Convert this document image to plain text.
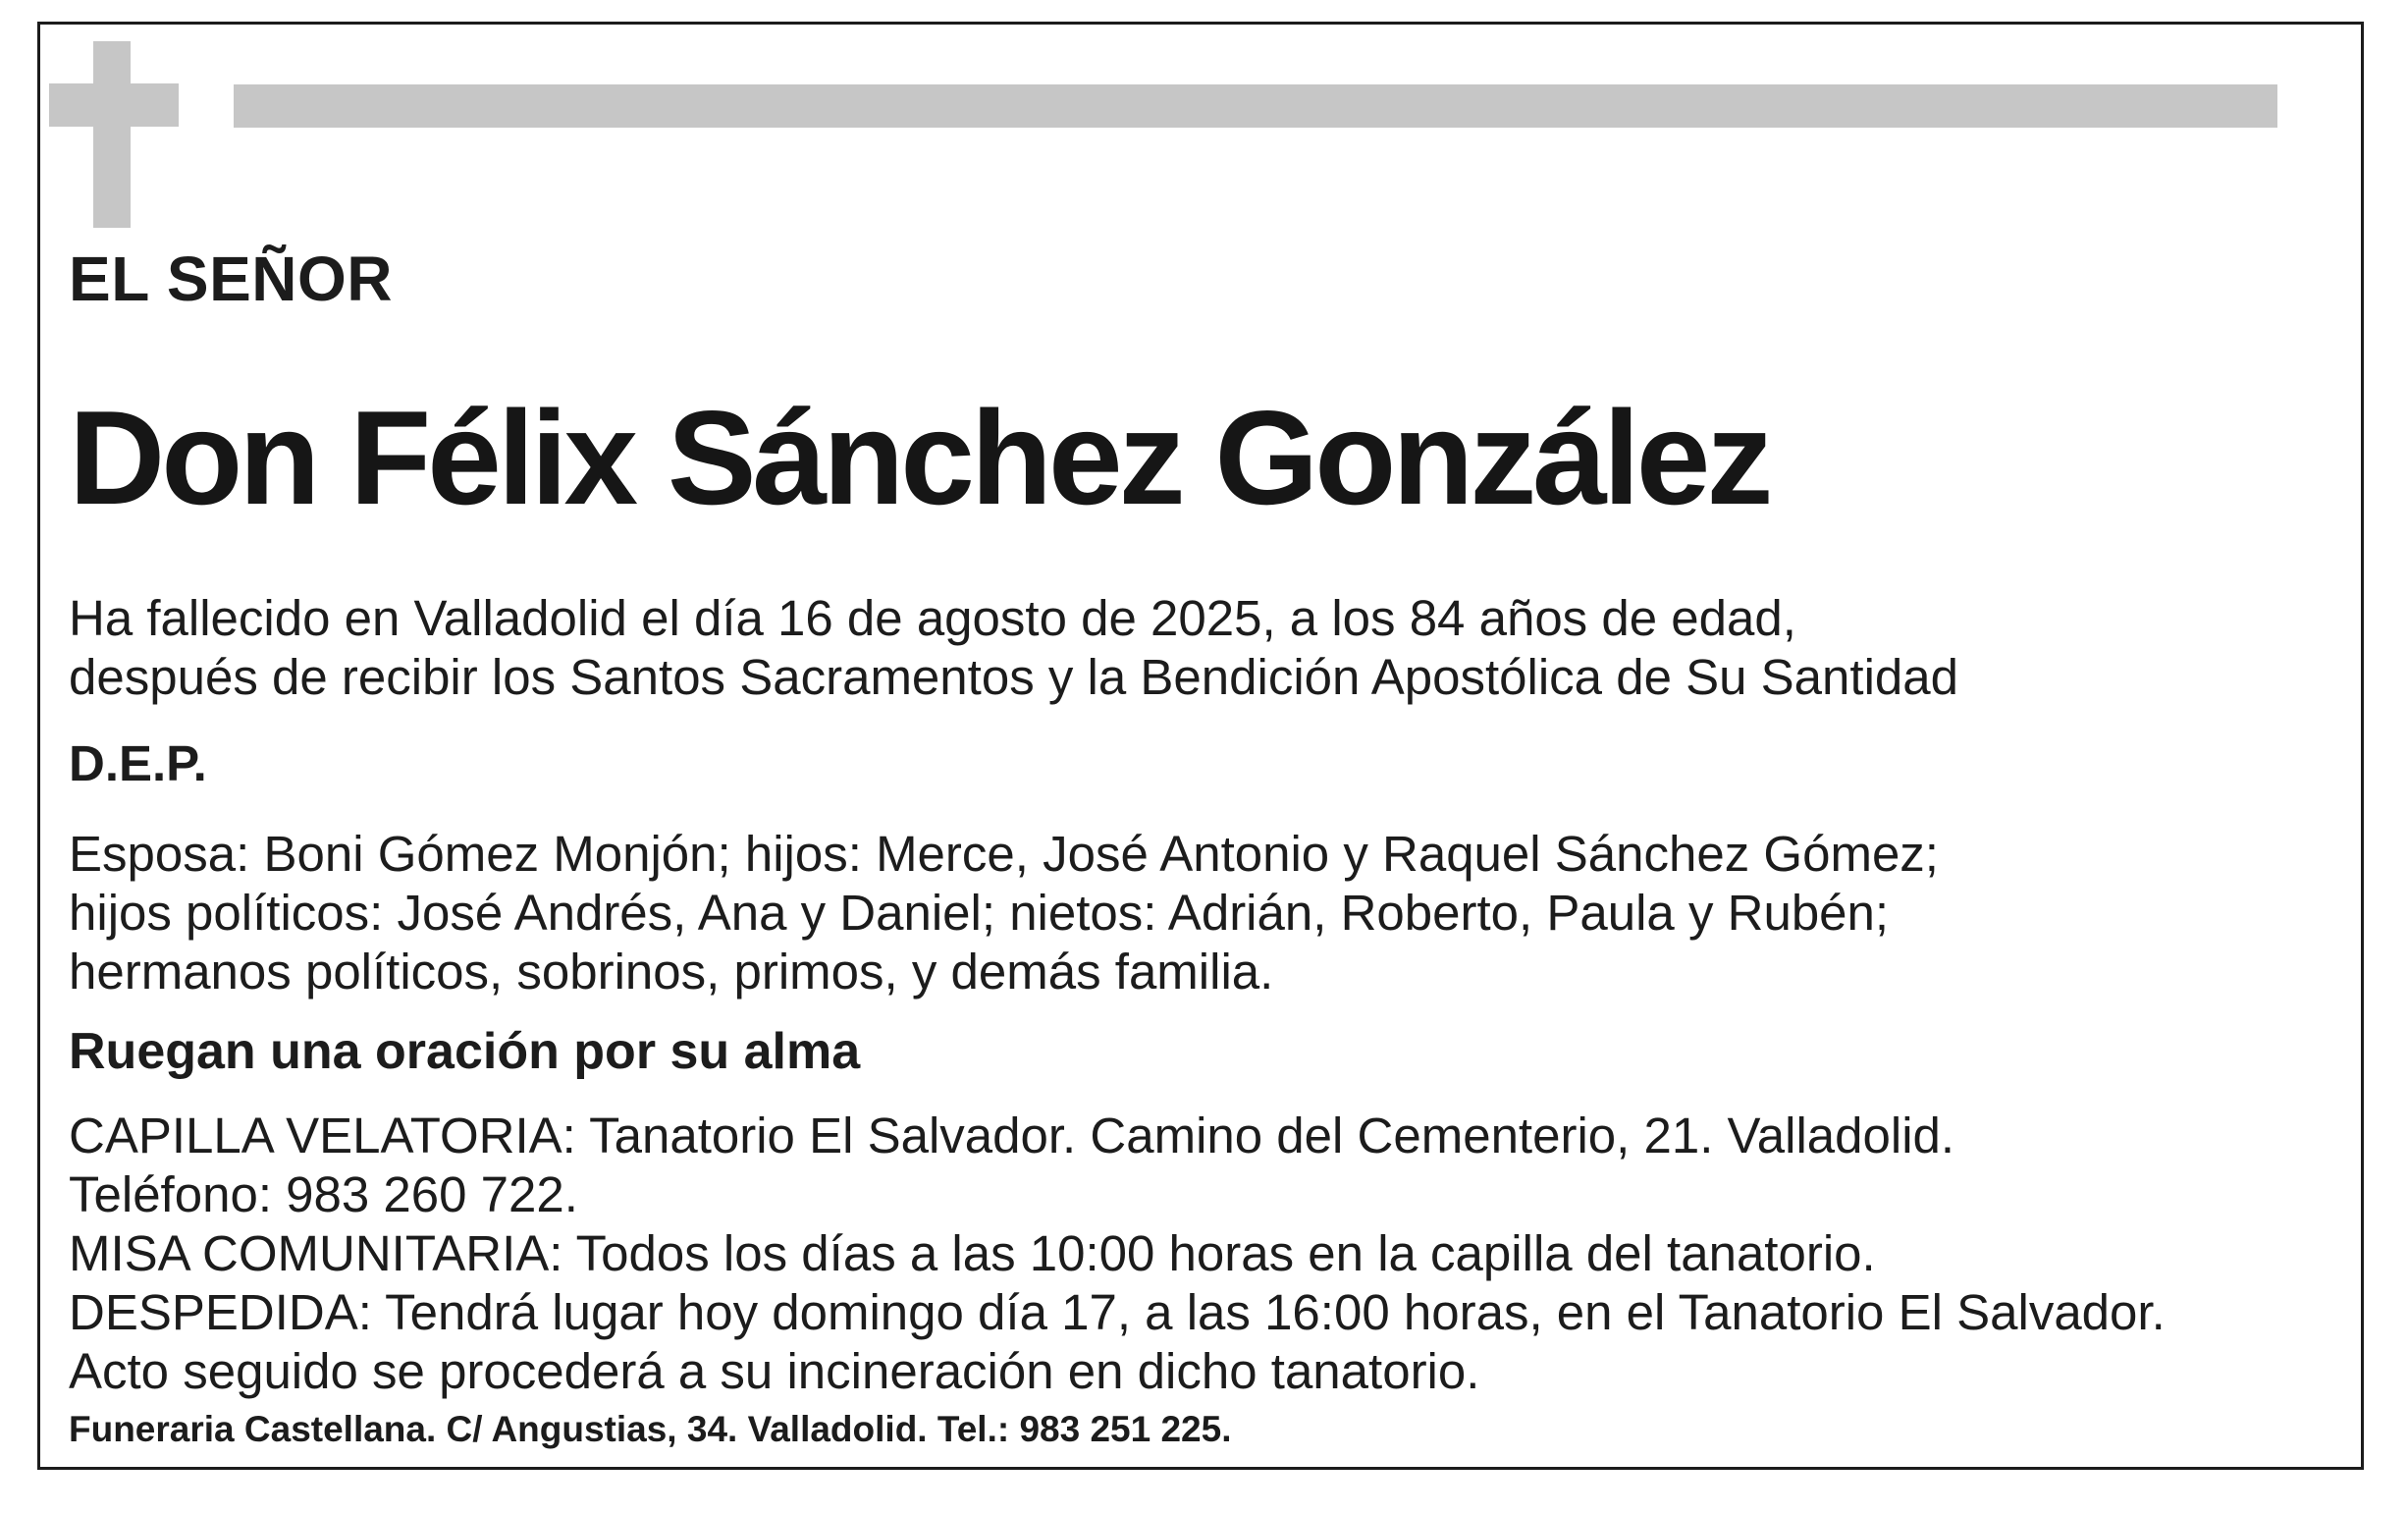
EL SEÑOR
Don Félix Sánchez González
Ha fallecido en Valladolid el día 16 de agosto de 2025, a los 84 años de edad,
después de recibir los Santos Sacramentos y la Bendición Apostólica de Su Santidad
D.E.P.
Esposa: Boni Gómez Monjón; hijos: Merce, José Antonio y Raquel Sánchez Gómez;
hijos políticos: José Andrés, Ana y Daniel; nietos: Adrián, Roberto, Paula y Rubén;
hermanos políticos, sobrinos, primos, y demás familia.
Ruegan una oración por su alma
CAPILLA VELATORIA: Tanatorio El Salvador. Camino del Cementerio, 21. Valladolid.
Teléfono: 983 260 722.
MISA COMUNITARIA: Todos los días a las 10:00 horas en la capilla del tanatorio.
DESPEDIDA: Tendrá lugar hoy domingo día 17, a las 16:00 horas, en el Tanatorio El Salvador.
Acto seguido se procederá a su incineración en dicho tanatorio.
Funeraria Castellana. C/ Angustias, 34. Valladolid. Tel.: 983 251 225.
